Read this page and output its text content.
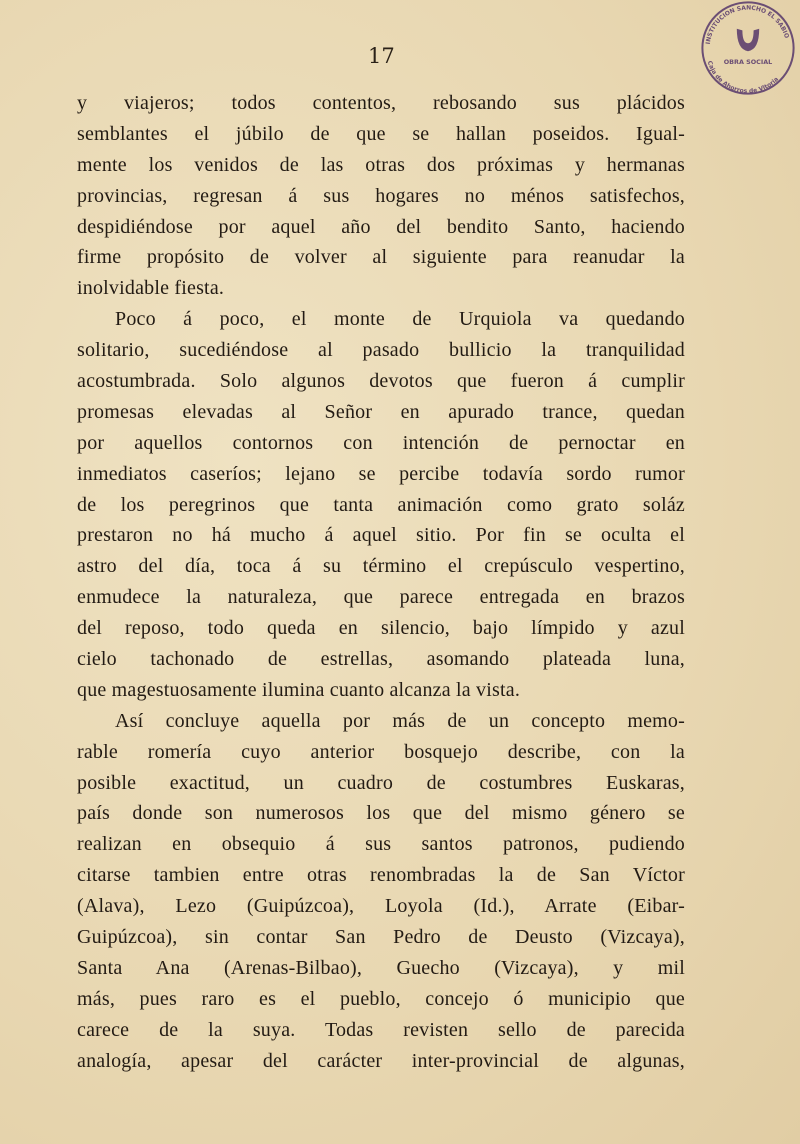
17	OBRA SOCIAL
INSTITUCION SANCHO EL SABIO
Caja de Ahorros de Vitoria
y viajeros; todos contentos, rebosando sus plácidos
semblantes el júbilo de que se hallan poseidos. Igual-
mente los venidos de las otras dos próximas y hermanas
provincias, regresan á sus hogares no ménos satisfechos,
despidiéndose por aquel año del bendito Santo, haciendo
firme propósito de volver al siguiente para reanudar la
inolvidable fiesta.
Poco á poco, el monte de Urquiola va quedando
solitario, sucediéndose al pasado bullicio la tranquilidad
acostumbrada. Solo algunos devotos que fueron á cumplir
promesas elevadas al Señor en apurado trance, quedan
por aquellos contornos con intención de pernoctar en
inmediatos caseríos; lejano se percibe todavía sordo rumor
de los peregrinos que tanta animación como grato soláz
prestaron no há mucho á aquel sitio. Por fin se oculta el
astro del día, toca á su término el crepúsculo vespertino,
enmudece la naturaleza, que parece entregada en brazos
del reposo, todo queda en silencio, bajo límpido y azul
cielo tachonado de estrellas, asomando plateada luna,
que magestuosamente ilumina cuanto alcanza la vista.
Así concluye aquella por más de un concepto memo-
rable romería cuyo anterior bosquejo describe, con la
posible exactitud, un cuadro de costumbres Euskaras,
país donde son numerosos los que del mismo género se
realizan en obsequio á sus santos patronos, pudiendo
citarse tambien entre otras renombradas la de San Víctor
(Alava), Lezo (Guipúzcoa), Loyola (Id.), Arrate (Eibar-
Guipúzcoa), sin contar San Pedro de Deusto (Vizcaya),
Santa Ana (Arenas-Bilbao), Guecho (Vizcaya), y mil
más, pues raro es el pueblo, concejo ó municipio que
carece de la suya. Todas revisten sello de parecida
analogía, apesar del carácter inter-provincial de algunas,
